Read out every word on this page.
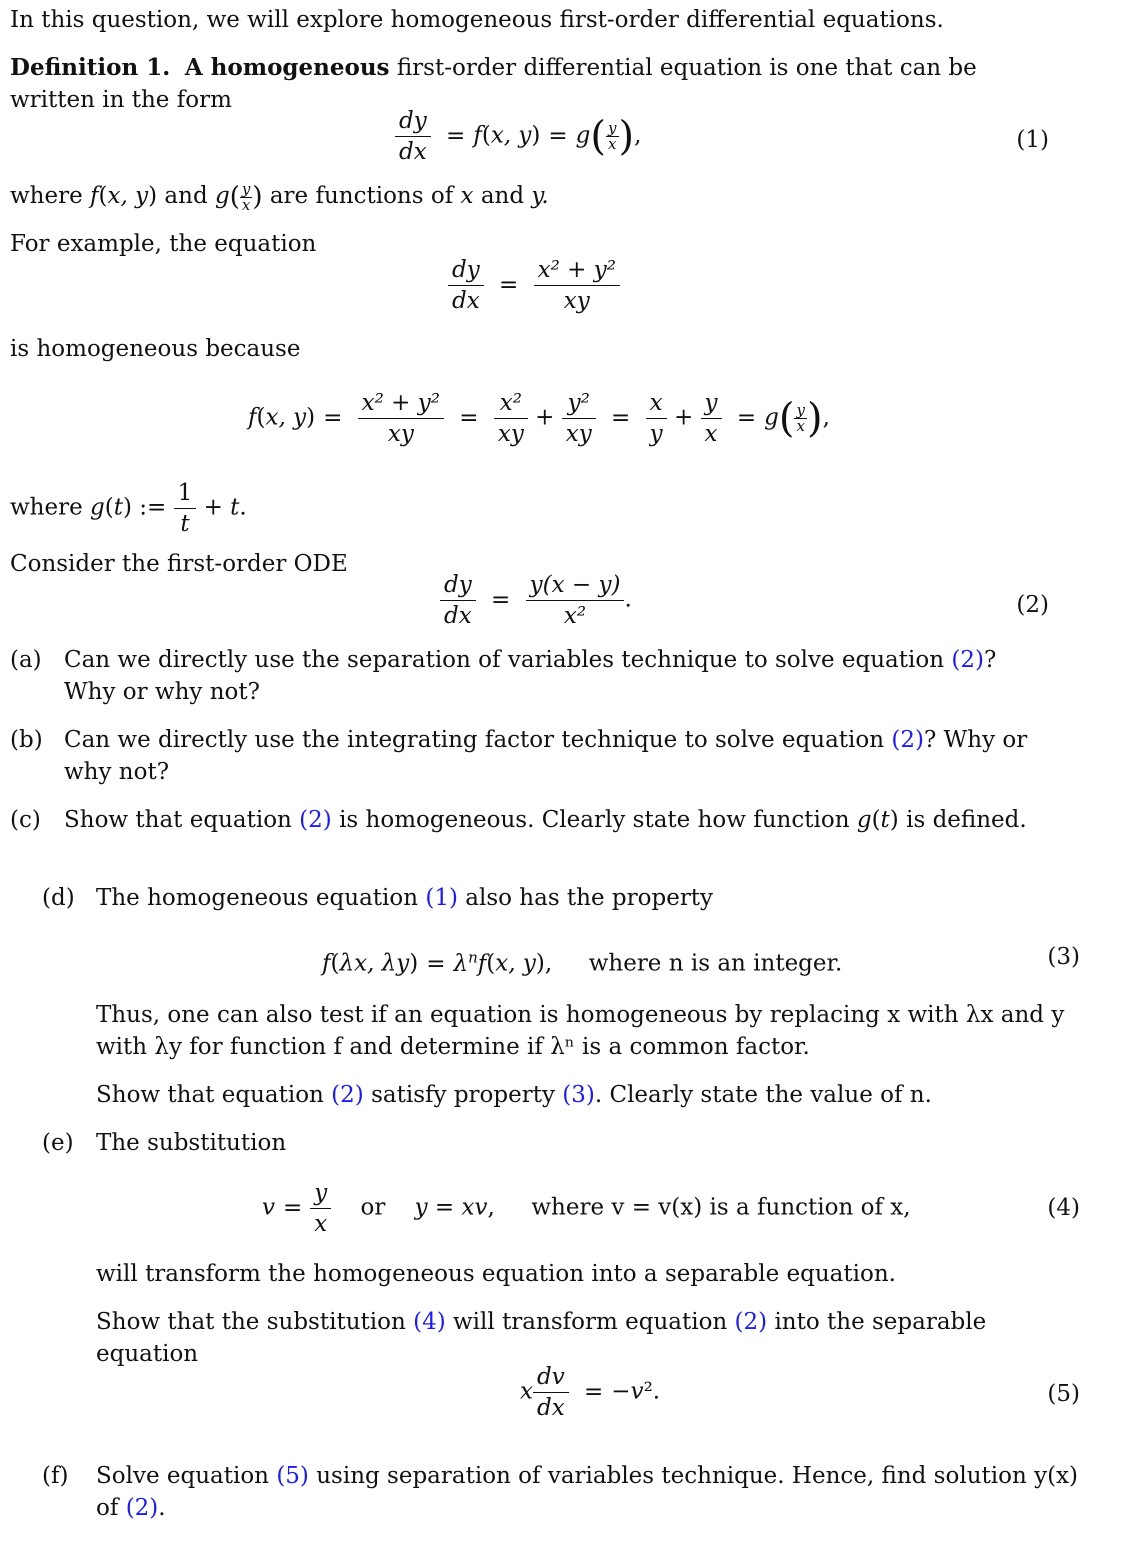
In this question, we will explore homogeneous first-order differential equations.
Definition 1. A homogeneous first-order differential equation is one that can be written in the form
$\frac{dy}{dx} = f(x$, $y) = g( \frac{y}{x}$ ),	(1)
where f(x, y) and $g( \frac{y}{x}$ ) are functions of x and y.
For example, the equation
$\frac{dy}{dx} = \frac{\text{x² + y²}}{xy}$
is homogeneous because
f(x, $y) = \frac{\text{x² + y²}}{xy} = \frac{\text{x²}}{xy} + \frac{\text{y²}}{xy} = \frac{x}{y} + \frac{y}{x} = g( \frac{y}{x}$ ),
where g(t) := $\frac{1}{t} + t$.
Consider the first-order ODE
$\frac{dy}{dx} = \frac{y(x - y)}{\text{x²}}$ .	(2)
(a) Can we directly use the separation of variables technique to solve equation (2)? Why or why not?
(b) Can we directly use the integrating factor technique to solve equation (2)? Why or why not?
(c) Show that equation (2) is homogeneous. Clearly state how function g(t) is defined.
(d) The homogeneous equation (1) also has the property
f(λx, $\lambda y) = \lambda^nf(x$, y),     where n is an integer.	(3)
Thus, one can also test if an equation is homogeneous by replacing x with λx and y with λy for function f and determine if λⁿ is a common factor.
Show that equation (2) satisfy property (3). Clearly state the value of n.
(e) The substitution
$v = \frac{y}{x}$ or y = xv,     where v = v(x) is a function of x,	(4)
will transform the homogeneous equation into a separable equation.
Show that the substitution (4) will transform equation (2) into the separable equation
x $\frac{dv}{dx} = -v^2$.	(5)
(f) Solve equation (5) using separation of variables technique. Hence, find solution y(x) of (2).
